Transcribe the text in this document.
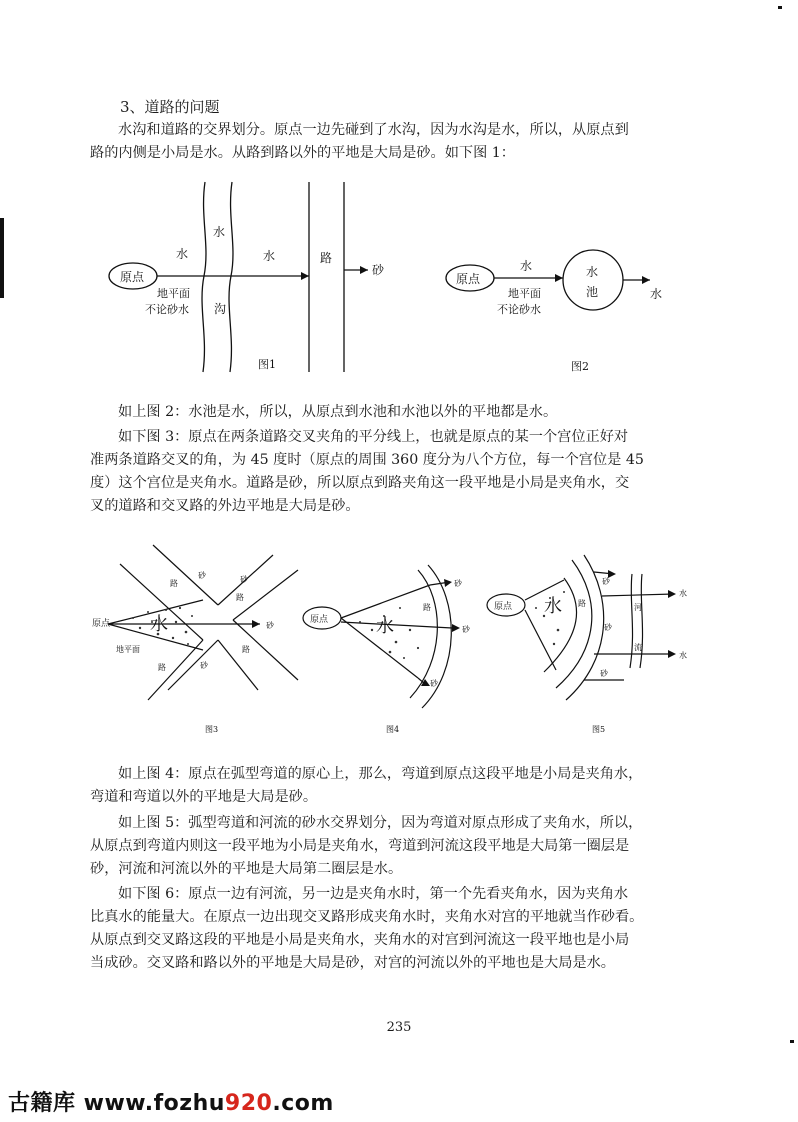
3、道路的问题

水沟和道路的交界划分。原点一边先碰到了水沟，因为水沟是水，所以，从原点到
路的内侧是小局是水。从路到路以外的平地是大局是砂。如下图 1：

原点
水	水
水
沟
路
砂
地平面
不论砂水
图1
原点
水	水
池	水
地平面
不论砂水
图2

如上图 2：水池是水，所以，从原点到水池和水池以外的平地都是水。

如下图 3：原点在两条道路交叉夹角的平分线上，也就是原点的某一个宫位正好对
准两条道路交叉的角，为 45 度时（原点的周围 360 度分为八个方位，每一个宫位是 45
度）这个宫位是夹角水。道路是砂，所以原点到路夹角这一段平地是小局是夹角水，交
叉的道路和交叉路的外边平地是大局是砂。

原点 水
路
砂
路
砂
砂
路
砂
地平面
路
图3
原点	水
路
砂
砂
砂
图4
原点 水
砂
路
砂
砂
河
流
水
水
图5

如上图 4：原点在弧型弯道的原心上，那么，弯道到原点这段平地是小局是夹角水，
弯道和弯道以外的平地是大局是砂。

如上图 5：弧型弯道和河流的砂水交界划分，因为弯道对原点形成了夹角水，所以，
从原点到弯道内则这一段平地为小局是夹角水，弯道到河流这段平地是大局第一圈层是
砂，河流和河流以外的平地是大局第二圈层是水。

如下图 6：原点一边有河流，另一边是夹角水时，第一个先看夹角水，因为夹角水
比真水的能量大。在原点一边出现交叉路形成夹角水时，夹角水对宫的平地就当作砂看。
从原点到交叉路这段的平地是小局是夹角水，夹角水的对宫到河流这一段平地也是小局
当成砂。交叉路和路以外的平地是大局是砂，对宫的河流以外的平地也是大局是水。

235
古籍库 www.fozhu920.com
